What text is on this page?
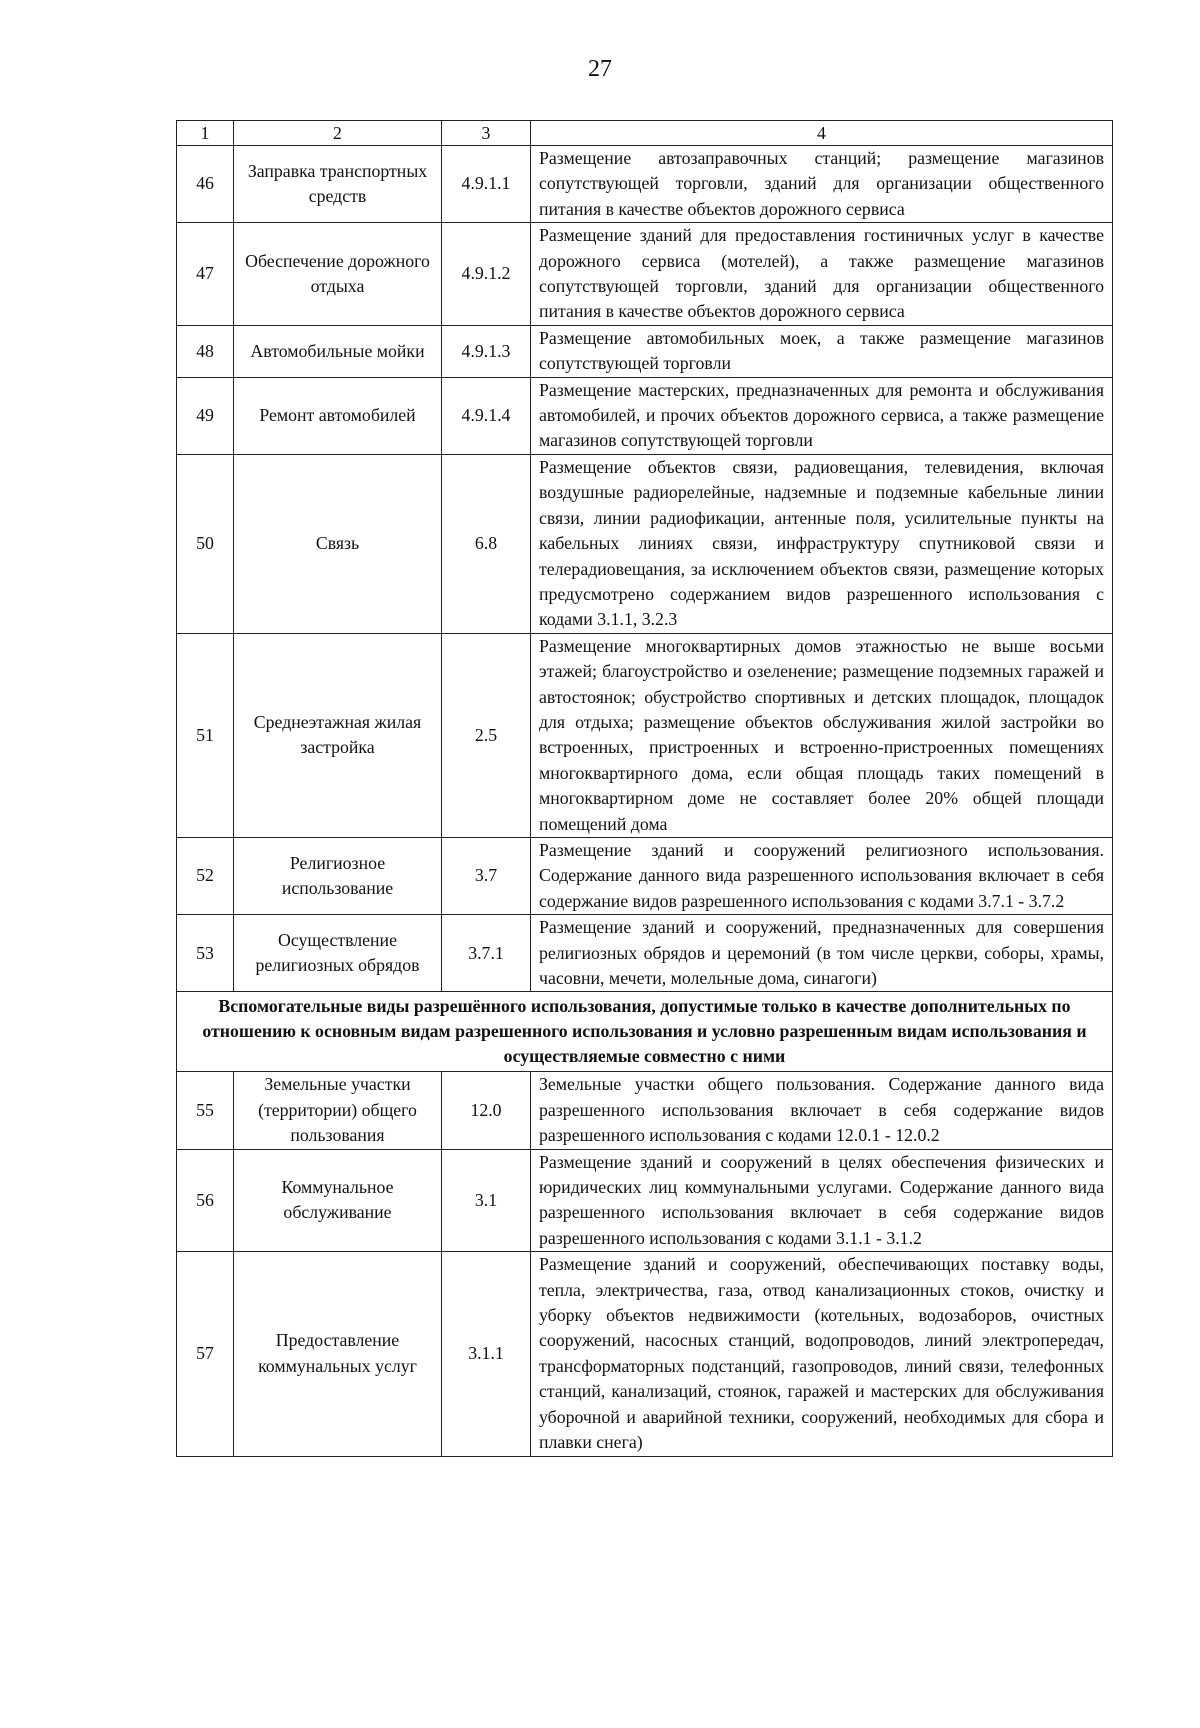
27
1	2	3	4
46	Заправка транспортных средств	4.9.1.1	Размещение автозаправочных станций; размещение магазинов сопутствующей торговли, зданий для организации общественного питания в качестве объектов дорожного сервиса
47	Обеспечение дорожного отдыха	4.9.1.2	Размещение зданий для предоставления гостиничных услуг в качестве дорожного сервиса (мотелей), а также размещение магазинов сопутствующей торговли, зданий для организации общественного питания в качестве объектов дорожного сервиса
48	Автомобильные мойки	4.9.1.3	Размещение автомобильных моек, а также размещение магазинов сопутствующей торговли
49	Ремонт автомобилей	4.9.1.4	Размещение мастерских, предназначенных для ремонта и обслуживания автомобилей, и прочих объектов дорожного сервиса, а также размещение магазинов сопутствующей торговли
50	Связь	6.8	Размещение объектов связи, радиовещания, телевидения, включая воздушные радиорелейные, надземные и подземные кабельные линии связи, линии радиофикации, антенные поля, усилительные пункты на кабельных линиях связи, инфраструктуру спутниковой связи и телерадиовещания, за исключением объектов связи, размещение которых предусмотрено содержанием видов разрешенного использования с кодами 3.1.1, 3.2.3
51	Среднеэтажная жилая застройка	2.5	Размещение многоквартирных домов этажностью не выше восьми этажей; благоустройство и озеленение; размещение подземных гаражей и автостоянок; обустройство спортивных и детских площадок, площадок для отдыха; размещение объектов обслуживания жилой застройки во встроенных, пристроенных и встроенно-пристроенных помещениях многоквартирного дома, если общая площадь таких помещений в многоквартирном доме не составляет более 20% общей площади помещений дома
52	Религиозное использование	3.7	Размещение зданий и сооружений религиозного использования. Содержание данного вида разрешенного использования включает в себя содержание видов разрешенного использования с кодами 3.7.1 - 3.7.2
53	Осуществление религиозных обрядов	3.7.1	Размещение зданий и сооружений, предназначенных для совершения религиозных обрядов и церемоний (в том числе церкви, соборы, храмы, часовни, мечети, молельные дома, синагоги)
Вспомогательные виды разрешённого использования, допустимые только в качестве дополнительных по отношению к основным видам разрешенного использования и условно разрешенным видам использования и осуществляемые совместно с ними			
55	Земельные участки (территории) общего пользования	12.0	Земельные участки общего пользования. Содержание данного вида разрешенного использования включает в себя содержание видов разрешенного использования с кодами 12.0.1 - 12.0.2
56	Коммунальное обслуживание	3.1	Размещение зданий и сооружений в целях обеспечения физических и юридических лиц коммунальными услугами. Содержание данного вида разрешенного использования включает в себя содержание видов разрешенного использования с кодами 3.1.1 - 3.1.2
57	Предоставление коммунальных услуг	3.1.1	Размещение зданий и сооружений, обеспечивающих поставку воды, тепла, электричества, газа, отвод канализационных стоков, очистку и уборку объектов недвижимости (котельных, водозаборов, очистных сооружений, насосных станций, водопроводов, линий электропередач, трансформаторных подстанций, газопроводов, линий связи, телефонных станций, канализаций, стоянок, гаражей и мастерских для обслуживания уборочной и аварийной техники, сооружений, необходимых для сбора и плавки снега)
